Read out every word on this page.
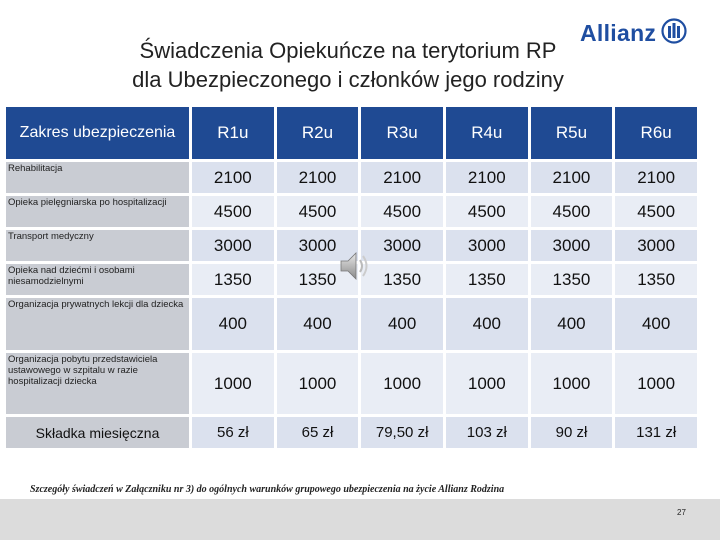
Allianz
Świadczenia Opiekuńcze na terytorium RP
dla Ubezpieczonego i członków jego rodziny
Zakres ubezpieczenia	R1u	R2u	R3u	R4u	R5u	R6u
Rehabilitacja	2100	2100	2100	2100	2100	2100
Opieka pielęgniarska po hospitalizacji	4500	4500	4500	4500	4500	4500
Transport medyczny	3000	3000	3000	3000	3000	3000
Opieka nad dziećmi i osobami niesamodzielnymi	1350	1350	1350	1350	1350	1350
Organizacja prywatnych lekcji dla dziecka	400	400	400	400	400	400
Organizacja pobytu przedstawiciela ustawowego w szpitalu w razie hospitalizacji dziecka	1000	1000	1000	1000	1000	1000
Składka miesięczna	56 zł	65 zł	79,50 zł	103 zł	90 zł	131 zł
Szczegóły świadczeń w Załączniku nr 3) do ogólnych warunków grupowego ubezpieczenia na życie Allianz Rodzina
27
